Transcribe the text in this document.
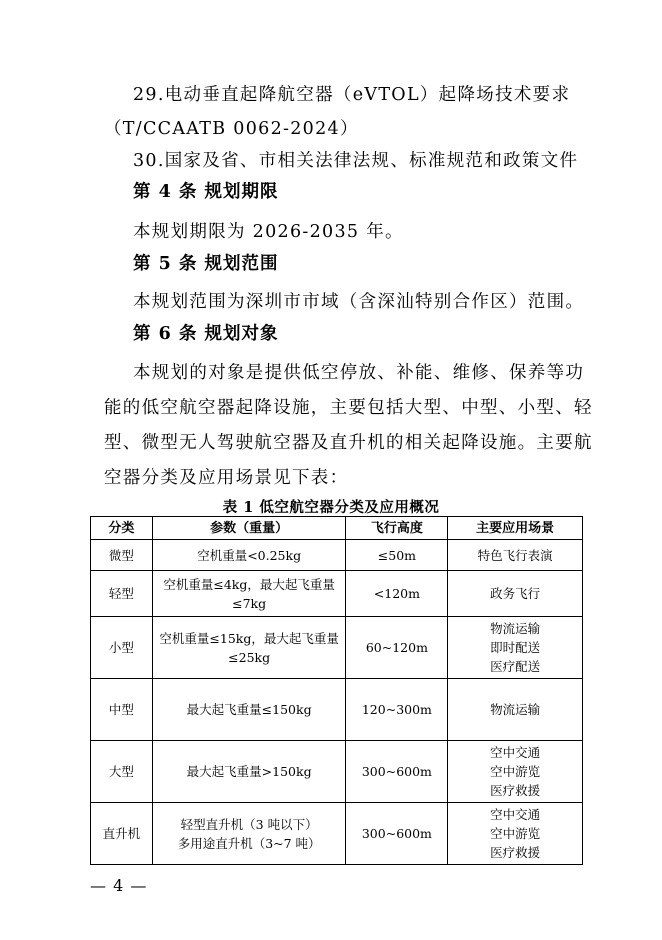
29.电动垂直起降航空器（eVTOL）起降场技术要求
（T/CCAATB 0062-2024）
30.国家及省、市相关法律法规、标准规范和政策文件
第 4 条 规划期限
本规划期限为 2026-2035 年。
第 5 条 规划范围
本规划范围为深圳市市域（含深汕特别合作区）范围。
第 6 条 规划对象
本规划的对象是提供低空停放、补能、维修、保养等功
能的低空航空器起降设施，主要包括大型、中型、小型、轻
型、微型无人驾驶航空器及直升机的相关起降设施。主要航
空器分类及应用场景见下表：
表 1 低空航空器分类及应用概况
分类	参数（重量）	飞行高度	主要应用场景
微型	空机重量<0.25kg	≤50m	特色飞行表演

轻型	空机重量≤4kg，最大起飞重量
≤7kg	<120m	政务飞行

小型	空机重量≤15kg，最大起飞重量
≤25kg	60~120m	物流运输
即时配送
医疗配送

中型	最大起飞重量≤150kg	120~300m	物流运输

大型	最大起飞重量>150kg	300~600m	空中交通
空中游览
医疗救援

直升机	轻型直升机（3 吨以下）
多用途直升机（3~7 吨）	300~600m	空中交通
空中游览
医疗救援
— 4 —
